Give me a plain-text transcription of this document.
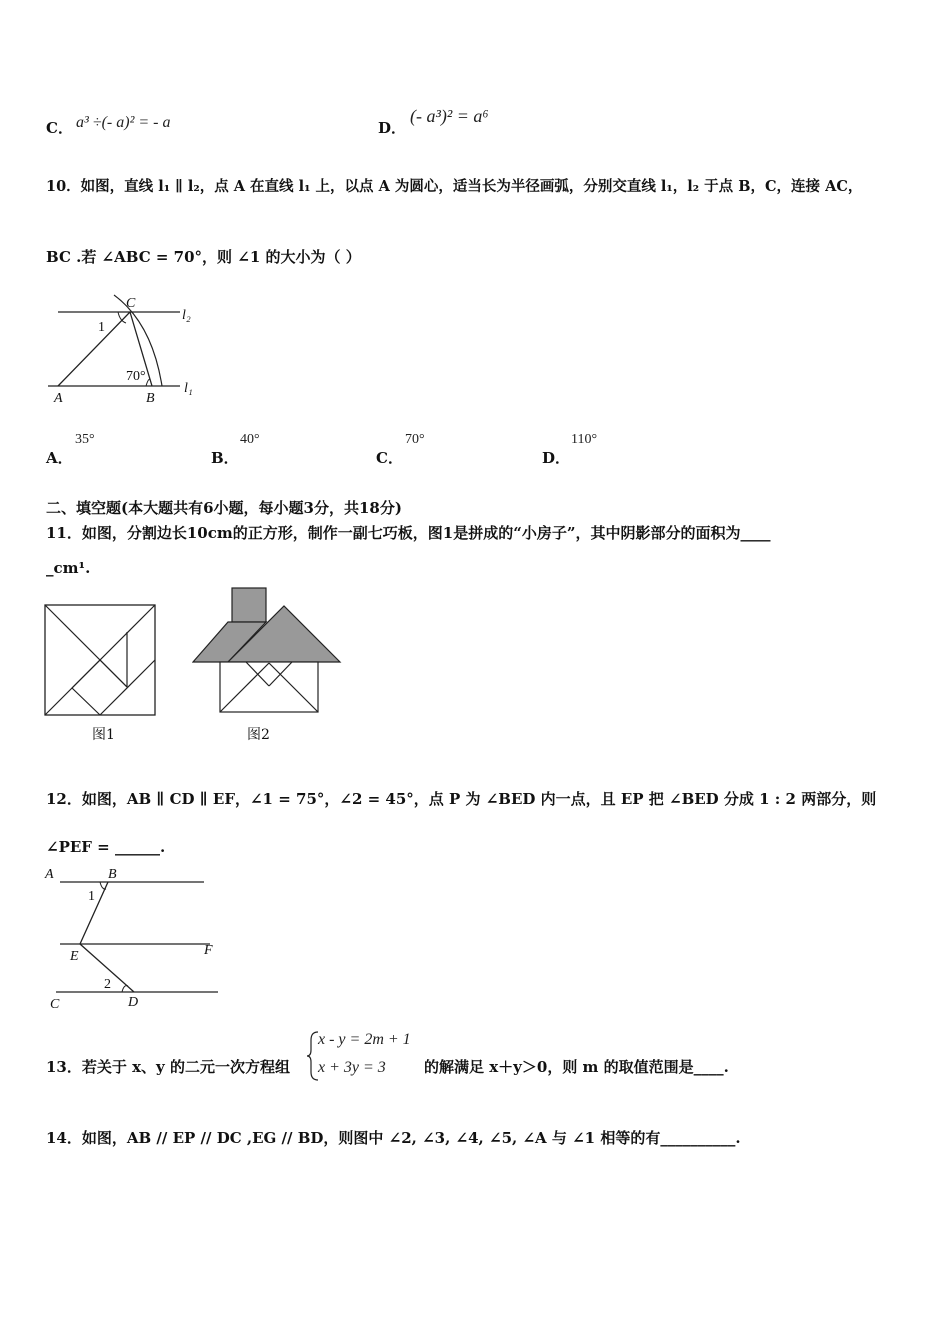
C． a³ ÷(- a)² = - a	D．
(- a³)² = a⁶
10．如图，直线 l₁ ∥ l₂，点 A 在直线 l₁ 上，以点 A 为圆心，适当长为半径画弧，分别交直线 l₁，l₂ 于点 B，C，连接 AC，
BC .若 ∠ABC = 70°，则 ∠1 的大小为（ ）
C
l₂
1
70°
A	B
l₁
A．
35°
B．
40°
C．
70°
D．
110°
二、填空题(本大题共有6小题，每小题3分，共18分)
11．如图，分割边长10cm的正方形，制作一副七巧板，图1是拼成的“小房子”，其中阴影部分的面积为____
_cm¹.
图1	图2
12．如图，AB ∥ CD ∥ EF，∠1 = 75°，∠2 = 45°，点 P 为 ∠BED 内一点，且 EP 把 ∠BED 分成 1 : 2 两部分，则
∠PEF = ______.
A	B
1
E	F
2
C	D
13．若关于 x、y 的二元一次方程组
x - y = 2m + 1
x + 3y = 3	的解满足 x＋y＞0，则 m 的取值范围是____.
14．如图，AB // EP // DC ,EG // BD，则图中 ∠2, ∠3, ∠4, ∠5, ∠A 与 ∠1 相等的有__________.
